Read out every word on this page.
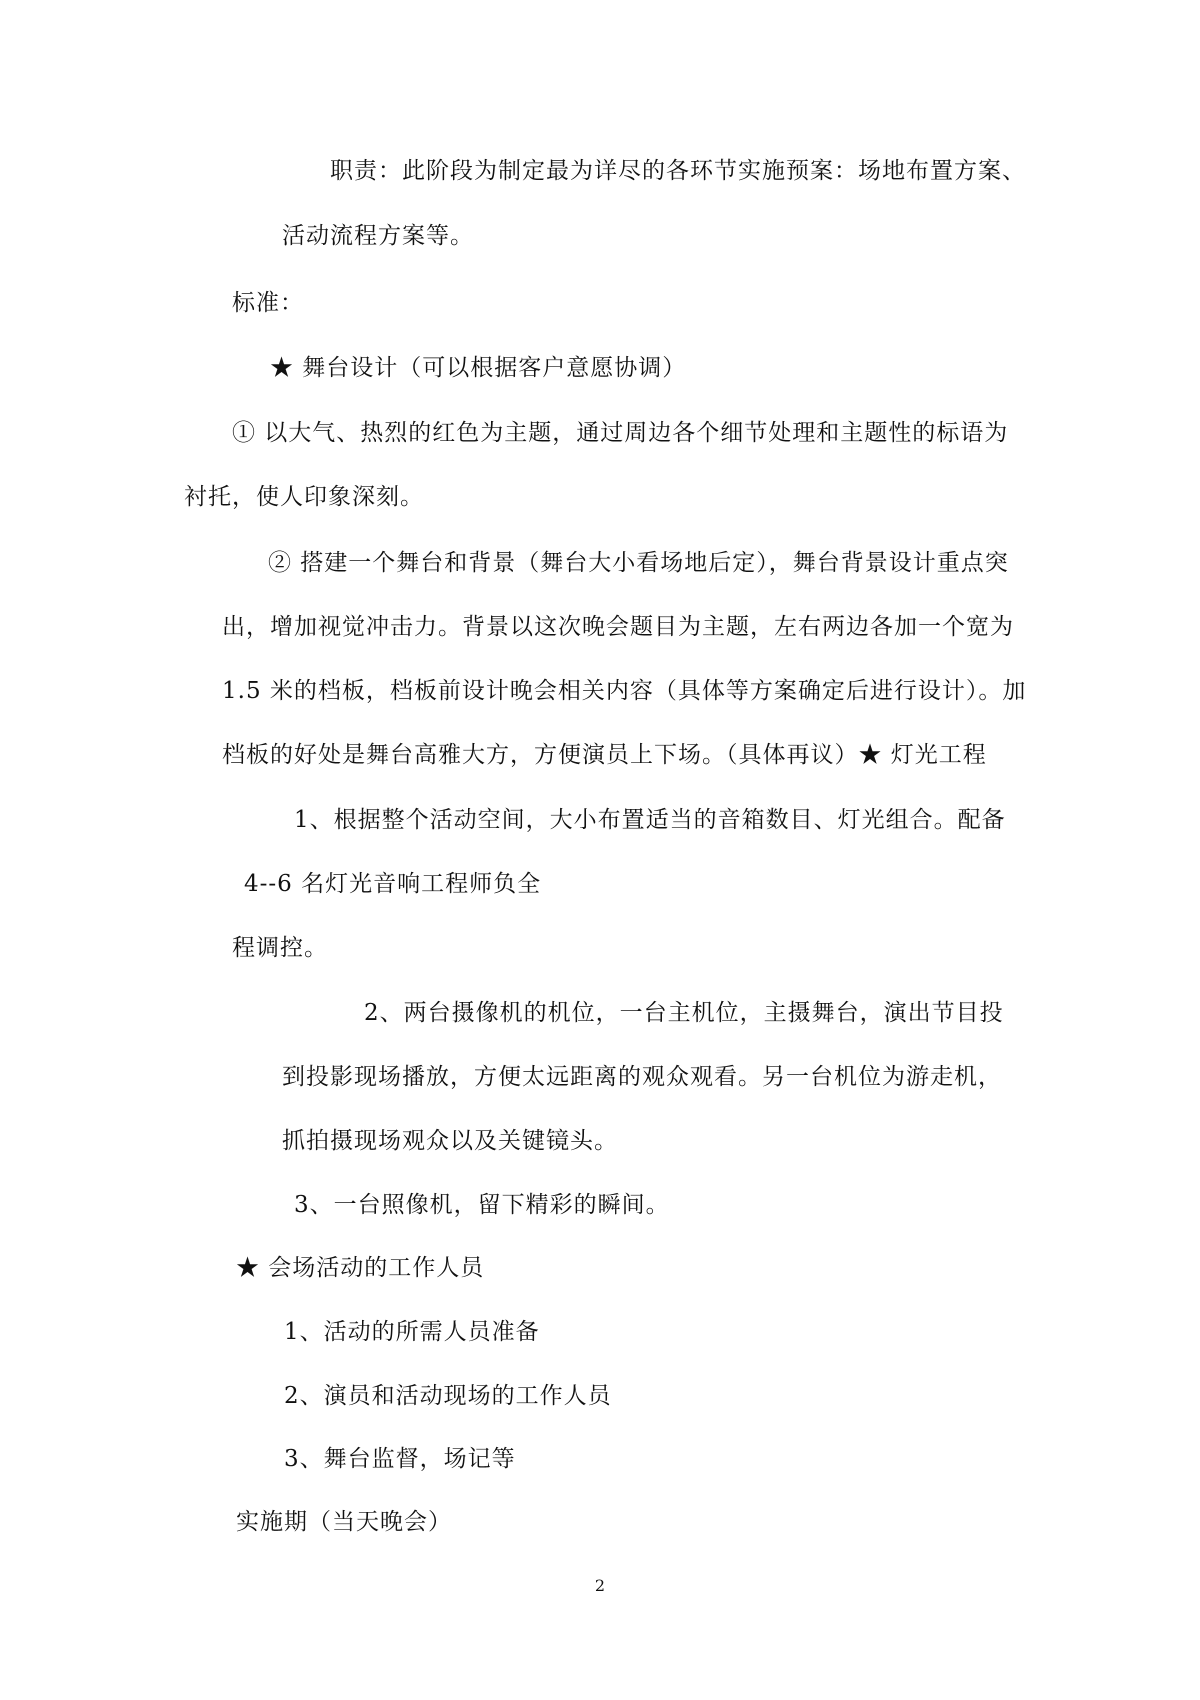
职责：此阶段为制定最为详尽的各环节实施预案：场地布置方案、
活动流程方案等。
标准：
★ 舞台设计（可以根据客户意愿协调）
① 以大气、热烈的红色为主题，通过周边各个细节处理和主题性的标语为
衬托，使人印象深刻。
② 搭建一个舞台和背景（舞台大小看场地后定），舞台背景设计重点突
出，增加视觉冲击力。背景以这次晚会题目为主题，左右两边各加一个宽为
1.5 米的档板，档板前设计晚会相关内容（具体等方案确定后进行设计）。加
档板的好处是舞台高雅大方，方便演员上下场。（具体再议）★ 灯光工程
1、根据整个活动空间，大小布置适当的音箱数目、灯光组合。配备
4--6 名灯光音响工程师负全
程调控。
2、两台摄像机的机位，一台主机位，主摄舞台，演出节目投
到投影现场播放，方便太远距离的观众观看。另一台机位为游走机，
抓拍摄现场观众以及关键镜头。
3、一台照像机，留下精彩的瞬间。
★ 会场活动的工作人员
1、活动的所需人员准备
2、演员和活动现场的工作人员
3、舞台监督，场记等
实施期（当天晚会）
2
